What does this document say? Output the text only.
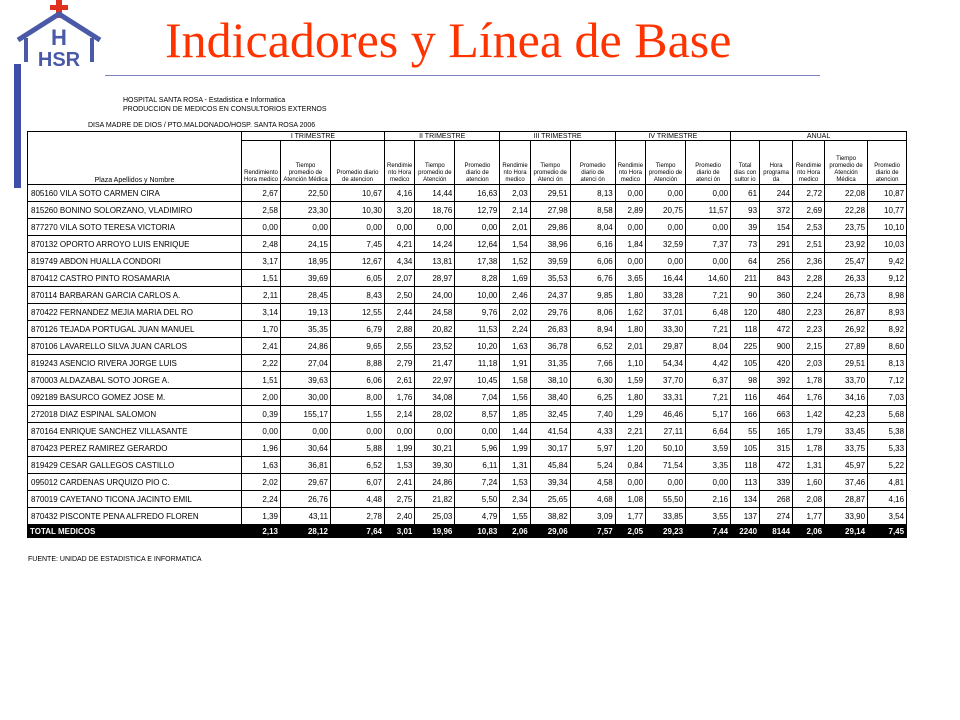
H
HSR Indicadores y Línea de Base
HOSPITAL SANTA ROSA - Estadistica e Informatica
PRODUCCION DE MEDICOS EN CONSULTORIOS EXTERNOS
DISA MADRE DE DIOS / PTO.MALDONADO/HOSP. SANTA ROSA 2006
Plaza Apellidos y Nombre	I TRIMESTRE			II TRIMESTRE			III TRIMESTRE			IV TRIMESTRE			ANUAL				
	Rendimiento Hora medico	Tiempo promedio de Atención Médica	Promedio diario de atencion	Rendimie nto Hora medico	Tiempo promedio de Atención	Promedio diario de atencion	Rendimie nto Hora medico	Tiempo promedio de Atenci ón	Promedio diario de atenci ón	Rendimie nto Hora medico	Tiempo promedio de Atención	Promedio diario de atenci ón	Total dias con sultor io	Hora programa da	Rendimie nto Hora medico	Tiempo promedio de Atención Médica	Promedio diario de atencion
805160 VILA SOTO CARMEN CIRA	2,67	22,50	10,67	4,16	14,44	16,63	2,03	29,51	8,13	0,00	0,00	0,00	61	244	2,72	22,08	10,87
815260 BONINO SOLORZANO, VLADIMIRO	2,58	23,30	10,30	3,20	18,76	12,79	2,14	27,98	8,58	2,89	20,75	11,57	93	372	2,69	22,28	10,77
877270 VILA SOTO TERESA VICTORIA	0,00	0,00	0,00	0,00	0,00	0,00	2,01	29,86	8,04	0,00	0,00	0,00	39	154	2,53	23,75	10,10
870132 OPORTO ARROYO LUIS ENRIQUE	2,48	24,15	7,45	4,21	14,24	12,64	1,54	38,96	6,16	1,84	32,59	7,37	73	291	2,51	23,92	10,03
819749 ABDON HUALLA CONDORI	3,17	18,95	12,67	4,34	13,81	17,38	1,52	39,59	6,06	0,00	0,00	0,00	64	256	2,36	25,47	9,42
870412 CASTRO PINTO ROSAMARIA	1,51	39,69	6,05	2,07	28,97	8,28	1,69	35,53	6,76	3,65	16,44	14,60	211	843	2,28	26,33	9,12
870114 BARBARAN GARCIA CARLOS A.	2,11	28,45	8,43	2,50	24,00	10,00	2,46	24,37	9,85	1,80	33,28	7,21	90	360	2,24	26,73	8,98
870422 FERNANDEZ MEJIA MARIA DEL RO	3,14	19,13	12,55	2,44	24,58	9,76	2,02	29,76	8,06	1,62	37,01	6,48	120	480	2,23	26,87	8,93
870126 TEJADA PORTUGAL JUAN MANUEL	1,70	35,35	6,79	2,88	20,82	11,53	2,24	26,83	8,94	1,80	33,30	7,21	118	472	2,23	26,92	8,92
870106 LAVARELLO SILVA JUAN CARLOS	2,41	24,86	9,65	2,55	23,52	10,20	1,63	36,78	6,52	2,01	29,87	8,04	225	900	2,15	27,89	8,60
819243 ASENCIO RIVERA JORGE LUIS	2,22	27,04	8,88	2,79	21,47	11,18	1,91	31,35	7,66	1,10	54,34	4,42	105	420	2,03	29,51	8,13
870003 ALDAZABAL SOTO JORGE A.	1,51	39,63	6,06	2,61	22,97	10,45	1,58	38,10	6,30	1,59	37,70	6,37	98	392	1,78	33,70	7,12
092189 BASURCO GOMEZ JOSE M.	2,00	30,00	8,00	1,76	34,08	7,04	1,56	38,40	6,25	1,80	33,31	7,21	116	464	1,76	34,16	7,03
272018 DIAZ ESPINAL SALOMON	0,39	155,17	1,55	2,14	28,02	8,57	1,85	32,45	7,40	1,29	46,46	5,17	166	663	1,42	42,23	5,68
870164 ENRIQUE SANCHEZ VILLASANTE	0,00	0,00	0,00	0,00	0,00	0,00	1,44	41,54	4,33	2,21	27,11	6,64	55	165	1,79	33,45	5,38
870423 PEREZ RAMIREZ GERARDO	1,96	30,64	5,88	1,99	30,21	5,96	1,99	30,17	5,97	1,20	50,10	3,59	105	315	1,78	33,75	5,33
819429 CESAR GALLEGOS CASTILLO	1,63	36,81	6,52	1,53	39,30	6,11	1,31	45,84	5,24	0,84	71,54	3,35	118	472	1,31	45,97	5,22
095012 CARDENAS URQUIZO PIO C.	2,02	29,67	6,07	2,41	24,86	7,24	1,53	39,34	4,58	0,00	0,00	0,00	113	339	1,60	37,46	4,81
870019 CAYETANO TICONA JACINTO EMIL	2,24	26,76	4,48	2,75	21,82	5,50	2,34	25,65	4,68	1,08	55,50	2,16	134	268	2,08	28,87	4,16
870432 PISCONTE PENA ALFREDO FLOREN	1,39	43,11	2,78	2,40	25,03	4,79	1,55	38,82	3,09	1,77	33,85	3,55	137	274	1,77	33,90	3,54
TOTAL MEDICOS	2,13	28,12	7,64	3,01	19,96	10,83	2,06	29,06	7,57	2,05	29,23	7,44	2240	8144	2,06	29,14	7,45
FUENTE: UNIDAD DE ESTADISTICA E INFORMATICA
